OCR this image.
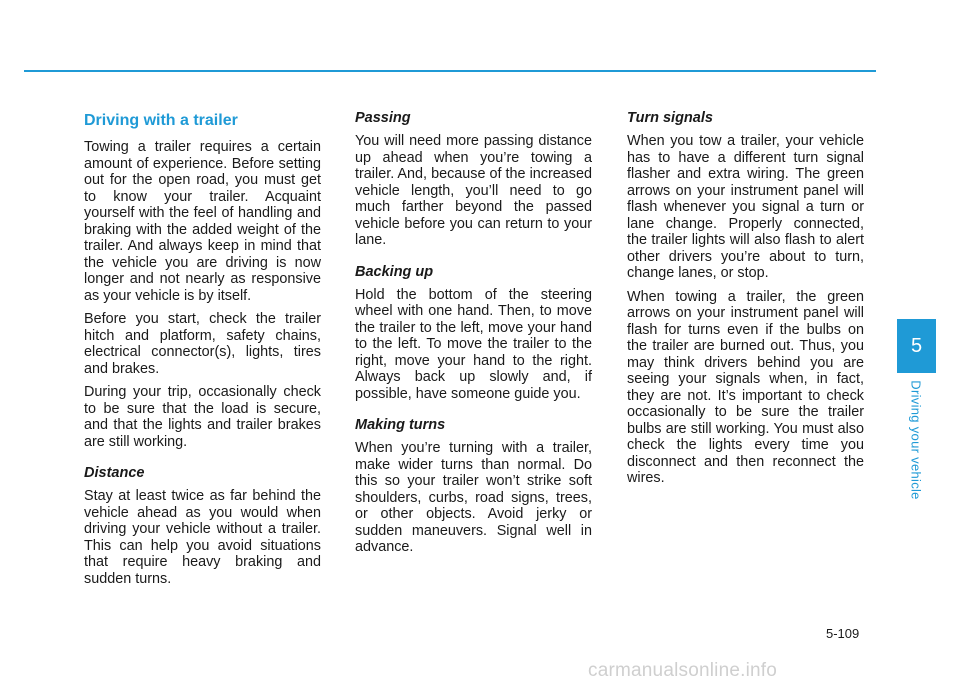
Driving with a trailer

Towing a trailer requires a certain amount of experience. Before setting out for the open road, you must get to know your trailer. Acquaint yourself with the feel of handling and braking with the added weight of the trailer. And always keep in mind that the vehicle you are driving is now longer and not nearly as responsive as your vehicle is by itself.

Before you start, check the trailer hitch and platform, safety chains, electrical connector(s), lights, tires and brakes.

During your trip, occasionally check to be sure that the load is secure, and that the lights and trailer brakes are still working.

Distance

Stay at least twice as far behind the vehicle ahead as you would when driving your vehicle without a trailer. This can help you avoid situations that require heavy braking and sudden turns.

Passing

You will need more passing distance up ahead when you’re towing a trailer. And, because of the increased vehicle length, you’ll need to go much farther beyond the passed vehicle before you can return to your lane.

Backing up

Hold the bottom of the steering wheel with one hand. Then, to move the trailer to the left, move your hand to the left. To move the trailer to the right, move your hand to the right. Always back up slowly and, if possible, have someone guide you.

Making turns

When you’re turning with a trailer, make wider turns than normal. Do this so your trailer won’t strike soft shoulders, curbs, road signs, trees, or other objects. Avoid jerky or sudden maneuvers. Signal well in advance.

Turn signals

When you tow a trailer, your vehicle has to have a different turn signal flasher and extra wiring. The green arrows on your instrument panel will flash whenever you signal a turn or lane change. Properly connected, the trailer lights will also flash to alert other drivers you’re about to turn, change lanes, or stop.

When towing a trailer, the green arrows on your instrument panel will flash for turns even if the bulbs on the trailer are burned out. Thus, you may think drivers behind you are seeing your signals when, in fact, they are not. It’s important to check occasionally to be sure the trailer bulbs are still working. You must also check the lights every time you disconnect and then reconnect the wires.

5
Driving your vehicle
5-109
carmanualsonline.info
